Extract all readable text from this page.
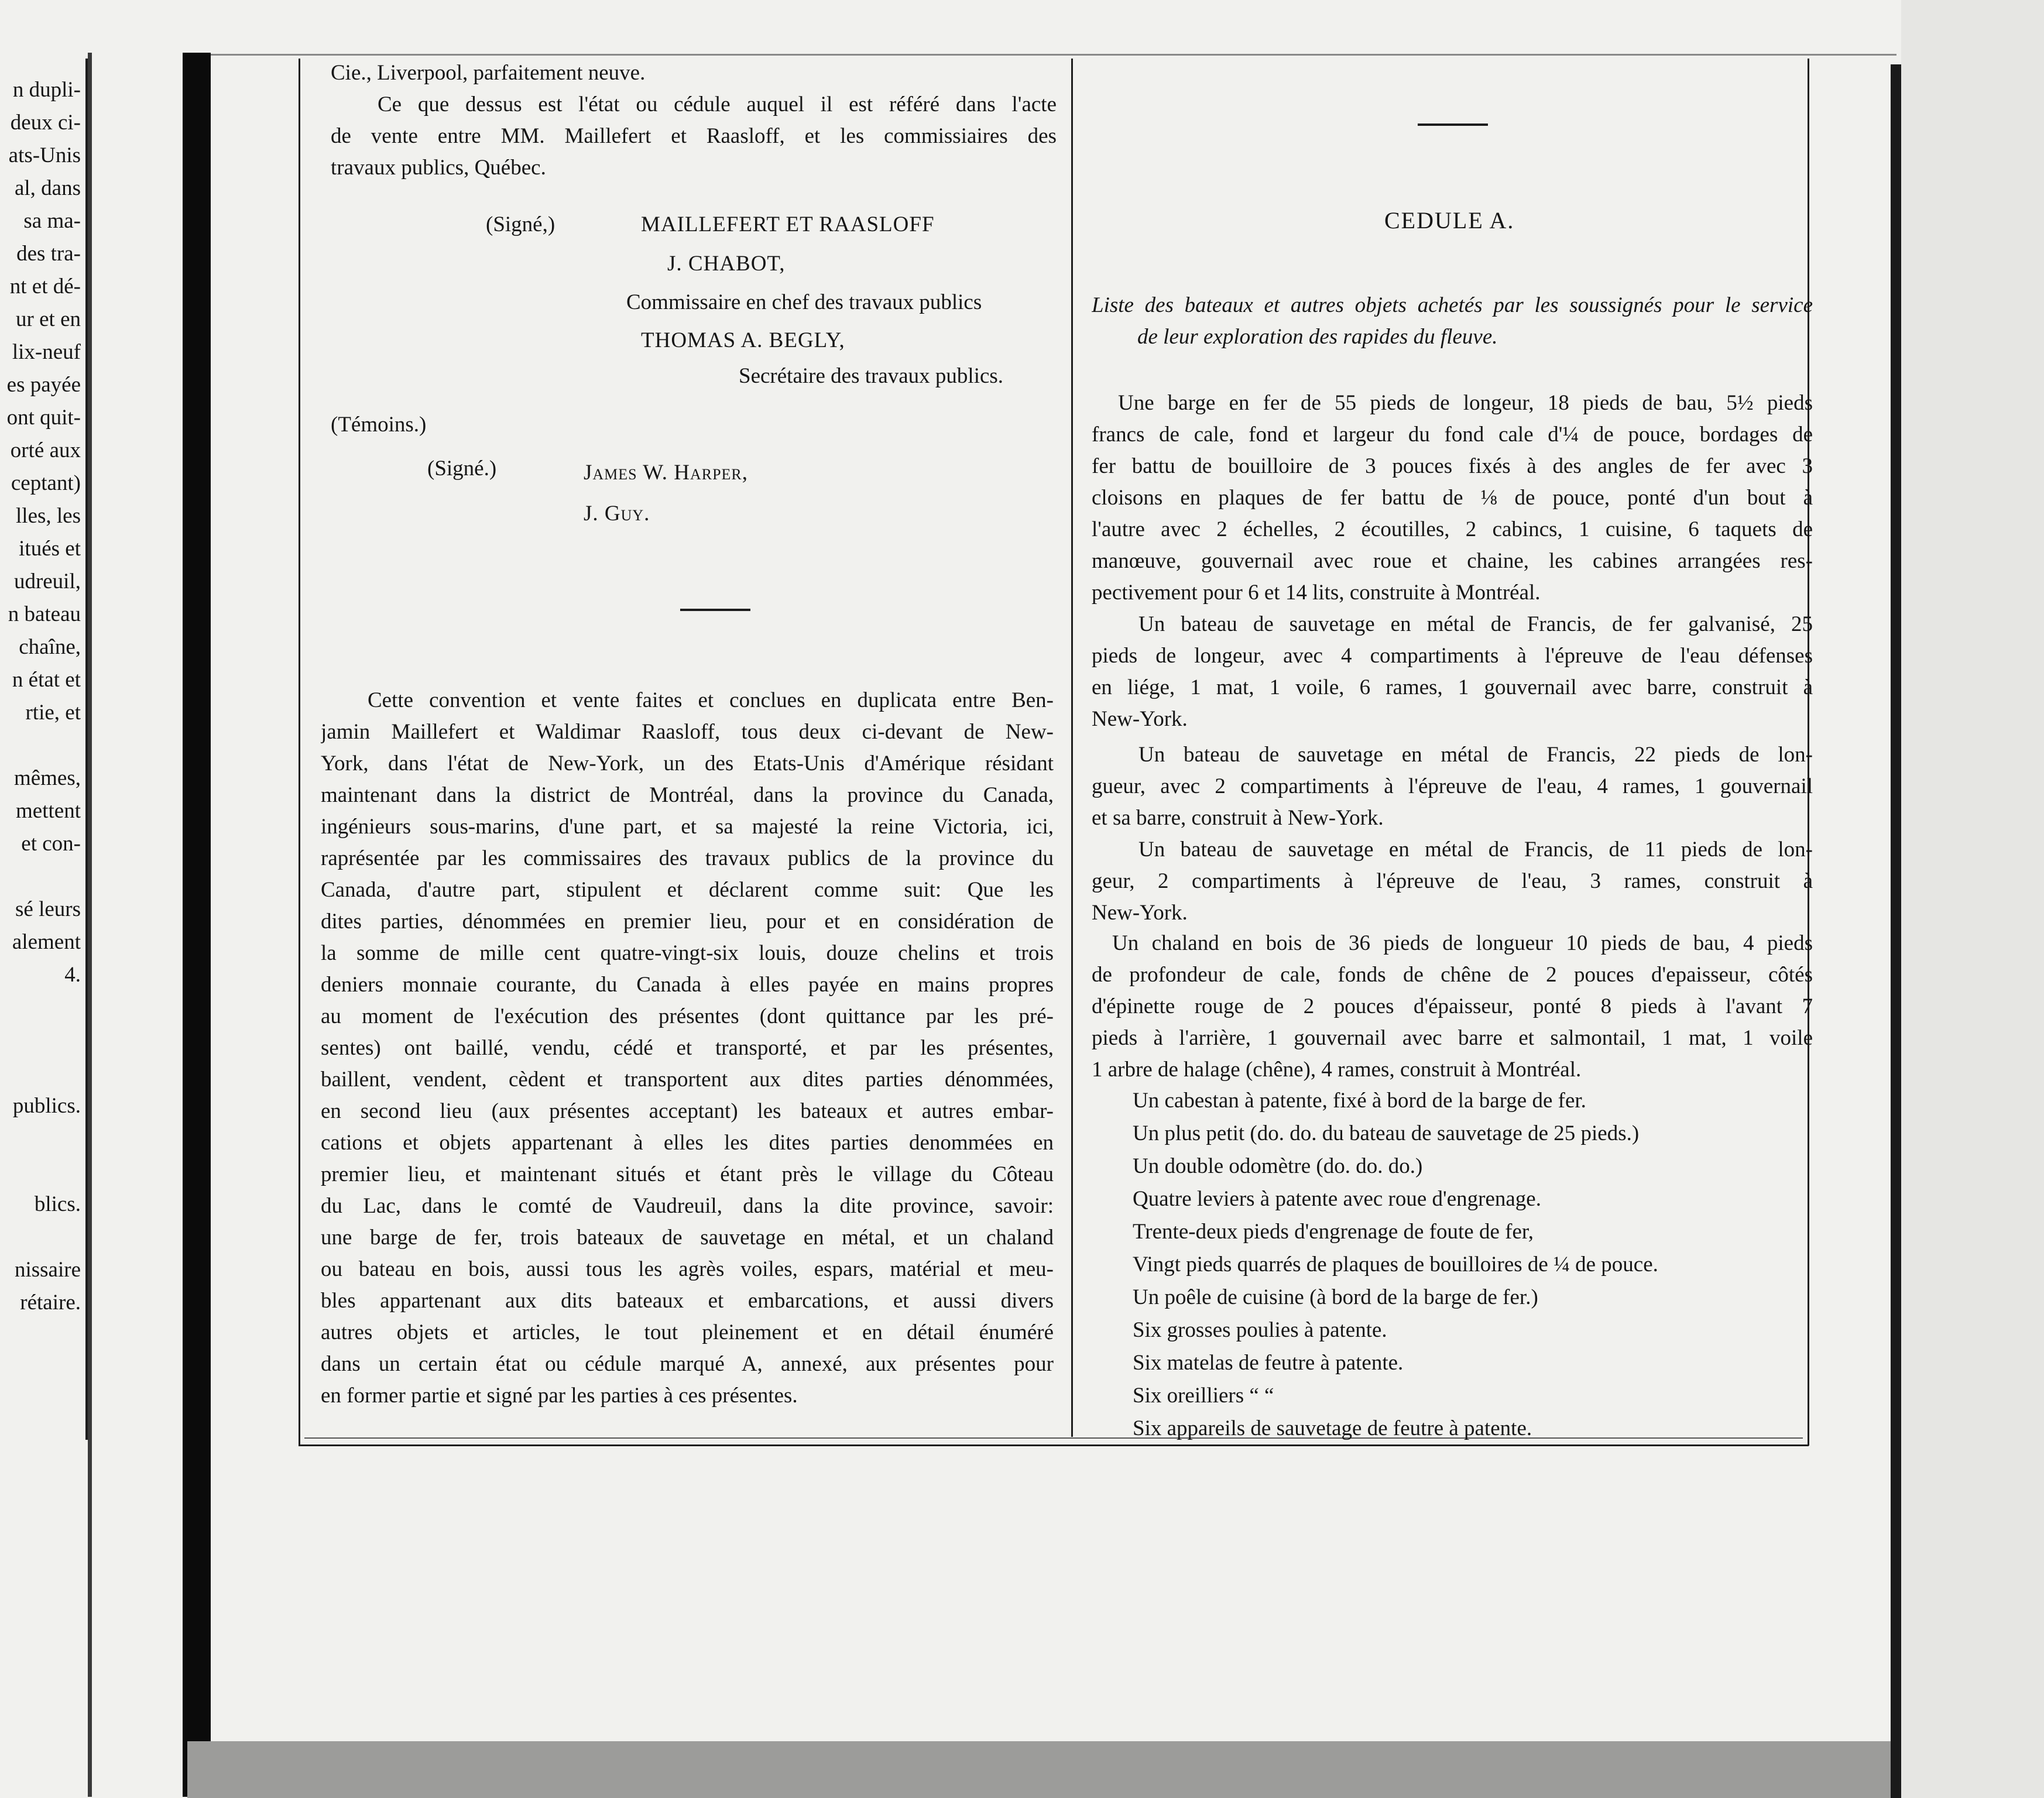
n dupli-
deux ci-
ats-Unis
al, dans
sa ma-
des tra-
nt et dé-
ur et en
lix-neuf
es payée
ont quit-
orté aux
ceptant)
lles, les
itués et
udreuil,
n bateau
chaîne,
n état et
rtie, et
mêmes,
mettent
et con-
sé leurs
alement
4.
publics.
blics.
nissaire
rétaire.
Cie., Liverpool, parfaitement neuve.
Ce que dessus est l'état ou cédule auquel il est référé dans l'acte
de vente entre MM. Maillefert et Raasloff, et les commissiaires des
travaux publics, Québec.
(Signé,)	MAILLEFERT ET RAASLOFF
J. CHABOT,
Commissaire en chef des travaux publics
THOMAS A. BEGLY,
Secrétaire des travaux publics.
(Témoins.)
(Signé.)	James W. Harper,
J. Guy.
Cette convention et vente faites et conclues en duplicata entre Ben-
jamin Maillefert et Waldimar Raasloff, tous deux ci-devant de New-
York, dans l'état de New-York, un des Etats-Unis d'Amérique résidant
maintenant dans la district de Montréal, dans la province du Canada,
ingénieurs sous-marins, d'une part, et sa majesté la reine Victoria, ici,
raprésentée par les commissaires des travaux publics de la province du
Canada, d'autre part, stipulent et déclarent comme suit: Que les
dites parties, dénommées en premier lieu, pour et en considération de
la somme de mille cent quatre-vingt-six louis, douze chelins et trois
deniers monnaie courante, du Canada à elles payée en mains propres
au moment de l'exécution des présentes (dont quittance par les pré-
sentes) ont baillé, vendu, cédé et transporté, et par les présentes,
baillent, vendent, cèdent et transportent aux dites parties dénommées,
en second lieu (aux présentes acceptant) les bateaux et autres embar-
cations et objets appartenant à elles les dites parties denommées en
premier lieu, et maintenant situés et étant près le village du Côteau
du Lac, dans le comté de Vaudreuil, dans la dite province, savoir:
une barge de fer, trois bateaux de sauvetage en métal, et un chaland
ou bateau en bois, aussi tous les agrès voiles, espars, matérial et meu-
bles appartenant aux dits bateaux et embarcations, et aussi divers
autres objets et articles, le tout pleinement et en détail énuméré
dans un certain état ou cédule marqué A, annexé, aux présentes pour
en former partie et signé par les parties à ces présentes.
CEDULE A.
Liste des bateaux et autres objets achetés par les soussignés pour le service
de leur exploration des rapides du fleuve.
Une barge en fer de 55 pieds de longeur, 18 pieds de bau, 5½ pieds
francs de cale, fond et largeur du fond cale d'¼ de pouce, bordages de
fer battu de bouilloire de 3 pouces fixés à des angles de fer avec 3
cloisons en plaques de fer battu de ⅛ de pouce, ponté d'un bout à
l'autre avec 2 échelles, 2 écoutilles, 2 cabincs, 1 cuisine, 6 taquets de
manœuve, gouvernail avec roue et chaine, les cabines arrangées res-
pectivement pour 6 et 14 lits, construite à Montréal.
Un bateau de sauvetage en métal de Francis, de fer galvanisé, 25
pieds de longeur, avec 4 compartiments à l'épreuve de l'eau défenses
en liége, 1 mat, 1 voile, 6 rames, 1 gouvernail avec barre, construit à
New-York.
Un bateau de sauvetage en métal de Francis, 22 pieds de lon-
gueur, avec 2 compartiments à l'épreuve de l'eau, 4 rames, 1 gouvernail
et sa barre, construit à New-York.
Un bateau de sauvetage en métal de Francis, de 11 pieds de lon-
geur, 2 compartiments à l'épreuve de l'eau, 3 rames, construit à
New-York.
Un chaland en bois de 36 pieds de longueur 10 pieds de bau, 4 pieds
de profondeur de cale, fonds de chêne de 2 pouces d'epaisseur, côtés
d'épinette rouge de 2 pouces d'épaisseur, ponté 8 pieds à l'avant 7
pieds à l'arrière, 1 gouvernail avec barre et salmontail, 1 mat, 1 voile
1 arbre de halage (chêne), 4 rames, construit à Montréal.
Un cabestan à patente, fixé à bord de la barge de fer.
Un plus petit (do. do. du bateau de sauvetage de 25 pieds.)
Un double odomètre (do. do. do.)
Quatre leviers à patente avec roue d'engrenage.
Trente-deux pieds d'engrenage de foute de fer,
Vingt pieds quarrés de plaques de bouilloires de ¼ de pouce.
Un poêle de cuisine (à bord de la barge de fer.)
Six grosses poulies à patente.
Six matelas de feutre à patente.
Six oreilliers “ “
Six appareils de sauvetage de feutre à patente.
